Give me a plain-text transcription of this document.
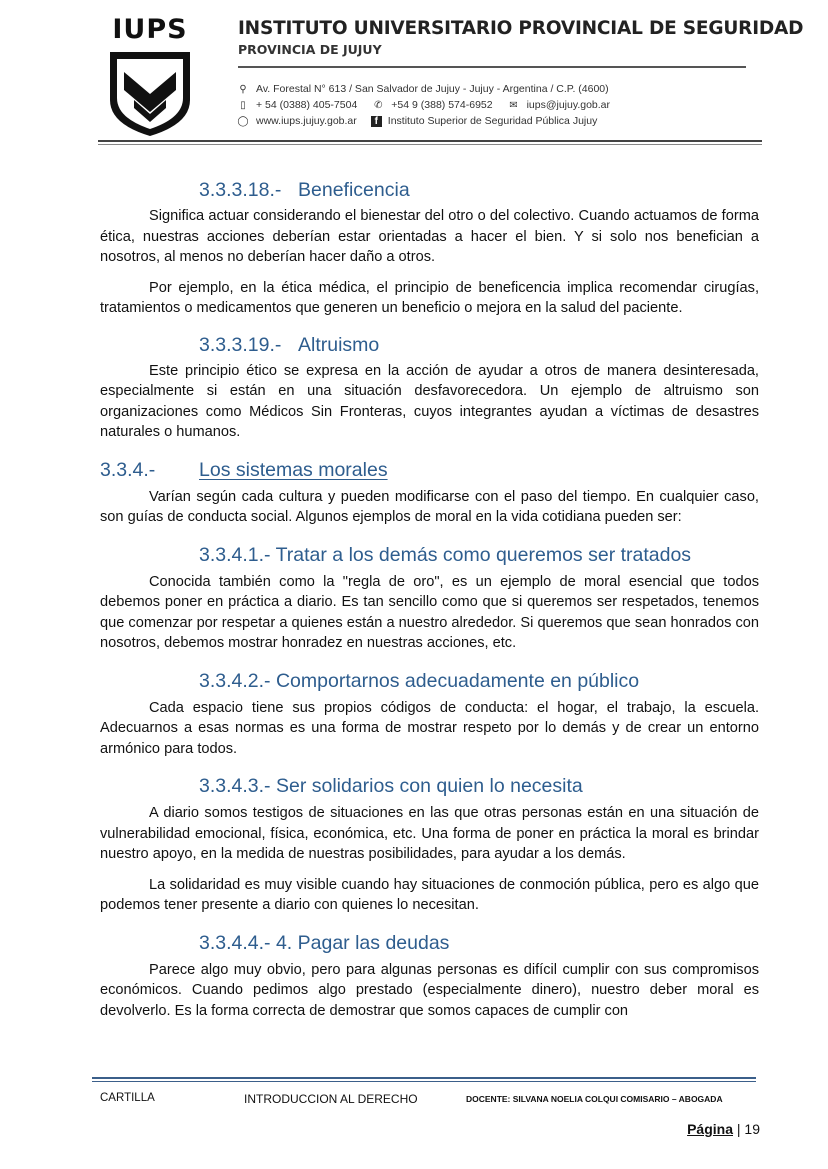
IUPS	INSTITUTO UNIVERSITARIO PROVINCIAL DE SEGURIDAD
PROVINCIA DE JUJUY
⚲ Av. Forestal N° 613 / San Salvador de Jujuy - Jujuy - Argentina / C.P. (4600)
▯ + 54 (0388) 405-7504 ✆ +54 9 (388) 574-6952 ✉ iups@jujuy.gob.ar
◯ www.iups.jujuy.gob.ar	f Instituto Superior de Seguridad Pública Jujuy
3.3.3.18.- Beneficencia

Significa actuar considerando el bienestar del otro o del colectivo. Cuando actuamos de forma ética, nuestras acciones deberían estar orientadas a hacer el bien. Y si solo nos benefician a nosotros, al menos no deberían hacer daño a otros.

Por ejemplo, en la ética médica, el principio de beneficencia implica recomendar cirugías, tratamientos o medicamentos que generen un beneficio o mejora en la salud del paciente.

3.3.3.19.- Altruismo

Este principio ético se expresa en la acción de ayudar a otros de manera desinteresada, especialmente si están en una situación desfavorecedora. Un ejemplo de altruismo son organizaciones como Médicos Sin Fronteras, cuyos integrantes ayudan a víctimas de desastres naturales o humanos.

3.3.4.- Los sistemas morales

Varían según cada cultura y pueden modificarse con el paso del tiempo. En cualquier caso, son guías de conducta social. Algunos ejemplos de moral en la vida cotidiana pueden ser:

3.3.4.1.- Tratar a los demás como queremos ser tratados

Conocida también como la "regla de oro", es un ejemplo de moral esencial que todos debemos poner en práctica a diario. Es tan sencillo como que si queremos ser respetados, tenemos que comenzar por respetar a quienes están a nuestro alrededor. Si queremos que sean honrados con nosotros, debemos mostrar honradez en nuestras acciones, etc.

3.3.4.2.- Comportarnos adecuadamente en público

Cada espacio tiene sus propios códigos de conducta: el hogar, el trabajo, la escuela. Adecuarnos a esas normas es una forma de mostrar respeto por lo demás y de crear un entorno armónico para todos.

3.3.4.3.- Ser solidarios con quien lo necesita

A diario somos testigos de situaciones en las que otras personas están en una situación de vulnerabilidad emocional, física, económica, etc. Una forma de poner en práctica la moral es brindar nuestro apoyo, en la medida de nuestras posibilidades, para ayudar a los demás.

La solidaridad es muy visible cuando hay situaciones de conmoción pública, pero es algo que podemos tener presente a diario con quienes lo necesitan.

3.3.4.4.- 4. Pagar las deudas

Parece algo muy obvio, pero para algunas personas es difícil cumplir con sus compromisos económicos. Cuando pedimos algo prestado (especialmente dinero), nuestro deber moral es devolverlo. Es la forma correcta de demostrar que somos capaces de cumplir con

CARTILLA	INTRODUCCION AL DERECHO	DOCENTE: SILVANA NOELIA COLQUI COMISARIO – ABOGADA
Página | 19
